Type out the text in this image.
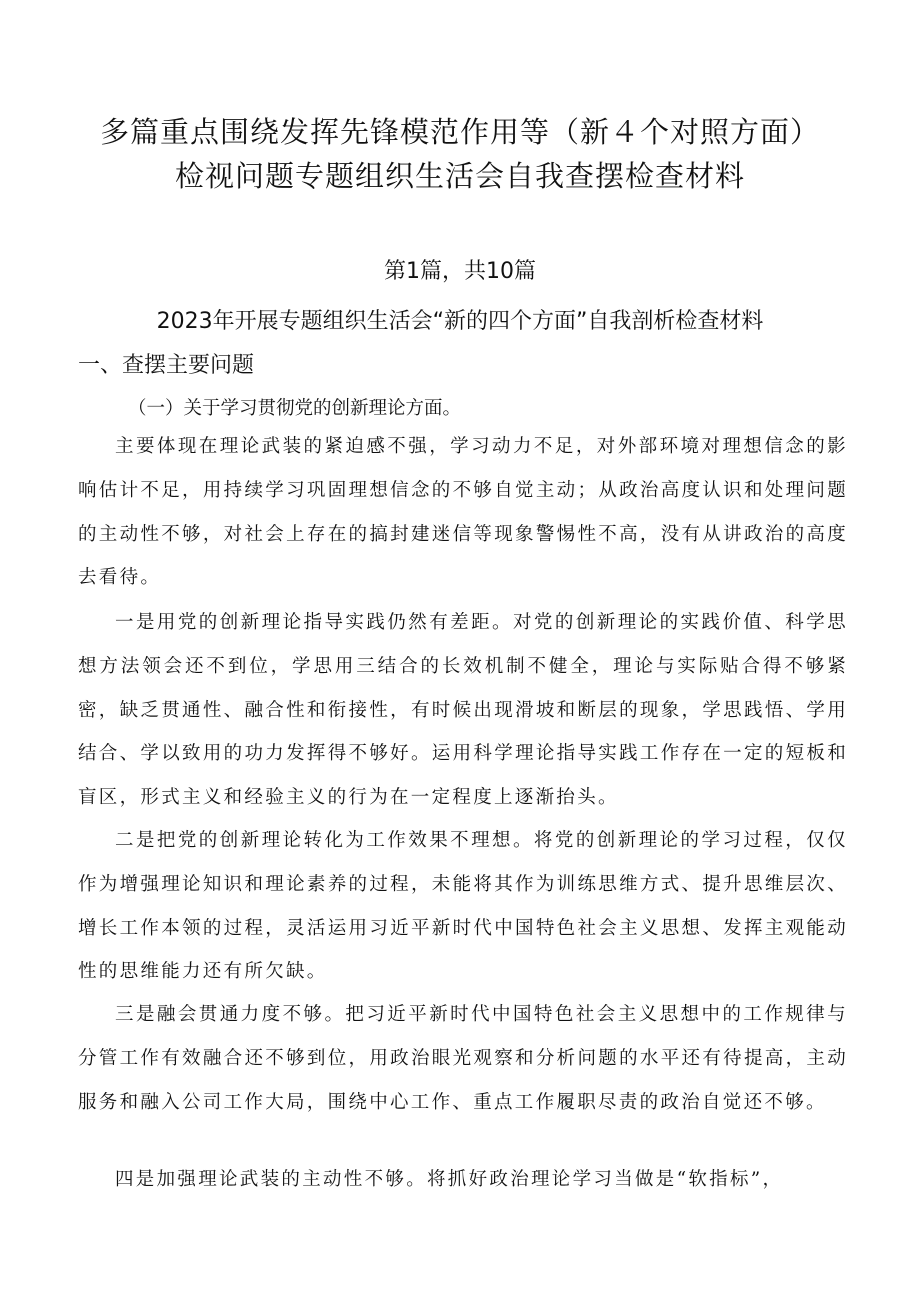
多篇重点围绕发挥先锋模范作用等（新４个对照方面）检视问题专题组织生活会自我查摆检查材料
第1篇，共10篇
2023年开展专题组织生活会“新的四个方面”自我剖析检查材料
一、查摆主要问题
（一）关于学习贯彻党的创新理论方面。

主要体现在理论武装的紧迫感不强，学习动力不足，对外部环境对理想信念的影响估计不足，用持续学习巩固理想信念的不够自觉主动；从政治高度认识和处理问题的主动性不够，对社会上存在的搞封建迷信等现象警惕性不高，没有从讲政治的高度去看待。

一是用党的创新理论指导实践仍然有差距。对党的创新理论的实践价值、科学思想方法领会还不到位，学思用三结合的长效机制不健全，理论与实际贴合得不够紧密，缺乏贯通性、融合性和衔接性，有时候出现滑坡和断层的现象，学思践悟、学用结合、学以致用的功力发挥得不够好。运用科学理论指导实践工作存在一定的短板和盲区，形式主义和经验主义的行为在一定程度上逐渐抬头。

二是把党的创新理论转化为工作效果不理想。将党的创新理论的学习过程，仅仅作为增强理论知识和理论素养的过程，未能将其作为训练思维方式、提升思维层次、增长工作本领的过程，灵活运用习近平新时代中国特色社会主义思想、发挥主观能动性的思维能力还有所欠缺。

三是融会贯通力度不够。把习近平新时代中国特色社会主义思想中的工作规律与分管工作有效融合还不够到位，用政治眼光观察和分析问题的水平还有待提高，主动服务和融入公司工作大局，围绕中心工作、重点工作履职尽责的政治自觉还不够。

四是加强理论武装的主动性不够。将抓好政治理论学习当做是“软指标”，
